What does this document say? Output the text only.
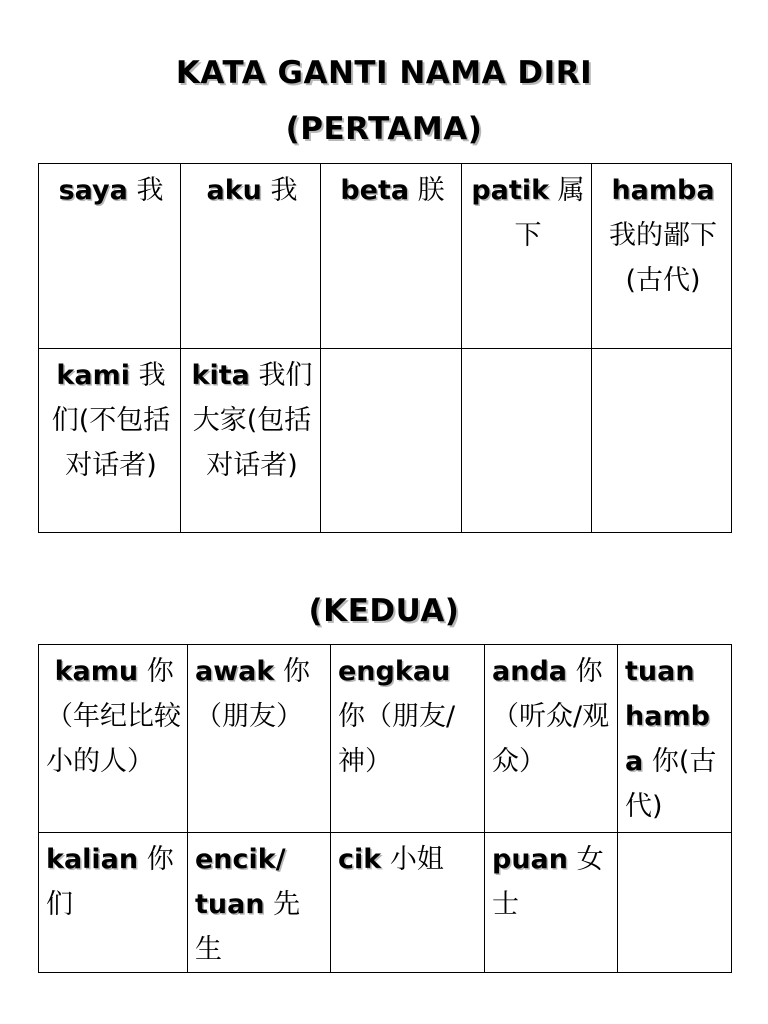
KATA GANTI NAMA DIRI
(PERTAMA)
saya 我	aku 我	beta 朕	patik 属下	hamba 我的鄙下 (古代)
kami 我们(不包括对话者)	kita 我们大家(包括对话者)			
(KEDUA)
kamu 你（年纪比较小的人）	awak 你（朋友）	engkau 你（朋友/神）	anda 你（听众/观众）	tuan hamba 你(古代)
kalian 你们	encik/ tuan 先生	cik 小姐	puan 女士	
